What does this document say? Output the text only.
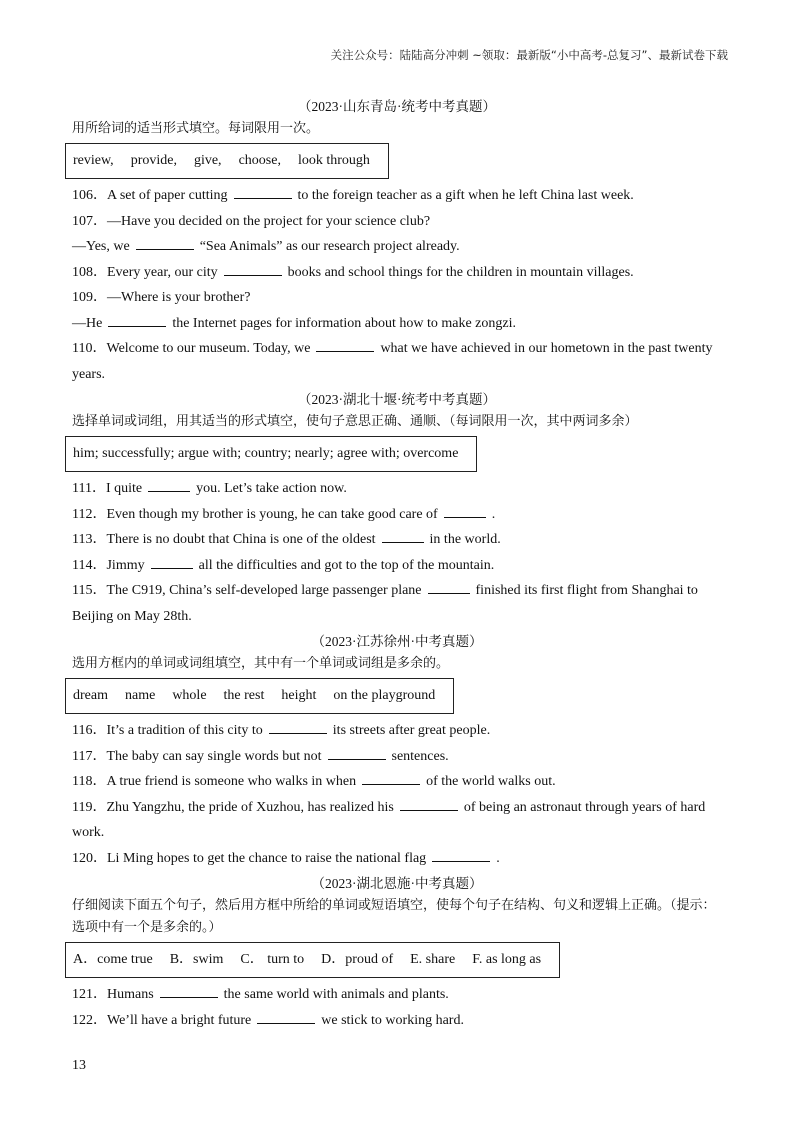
关注公众号：陆陆高分冲刺 ~领取：最新版“小中高考-总复习”、最新试卷下载
（2023·山东青岛·统考中考真题）
用所给词的适当形式填空。每词限用一次。
review, provide, give, choose, look through
106．A set of paper cutting	to the foreign teacher as a gift when he left China last week.
107．—Have you decided on the project for your science club?
—Yes, we	“Sea Animals” as our research project already.
108．Every year, our city	books and school things for the children in mountain villages.
109．—Where is your brother?
—He	the Internet pages for information about how to make zongzi.
110．Welcome to our museum. Today, we	what we have achieved in our hometown in the past twenty years.
（2023·湖北十堰·统考中考真题）
选择单词或词组，用其适当的形式填空，使句子意思正确、通顺、（每词限用一次，其中两词多余）
him; successfully; argue with; country; nearly; agree with; overcome
111．I quite	you. Let’s take action now.
112．Even though my brother is young, he can take good care of	.
113．There is no doubt that China is one of the oldest	in the world.
114．Jimmy	all the difficulties and got to the top of the mountain.
115．The C919, China’s self-developed large passenger plane	finished its first flight from Shanghai to Beijing on May 28th.
（2023·江苏徐州·中考真题）
选用方框内的单词或词组填空，其中有一个单词或词组是多余的。
dream name whole the rest height on the playground
116．It’s a tradition of this city to	its streets after great people.
117．The baby can say single words but not	sentences.
118．A true friend is someone who walks in when	of the world walks out.
119．Zhu Yangzhu, the pride of Xuzhou, has realized his	of being an astronaut through years of hard work.
120．Li Ming hopes to get the chance to raise the national flag	.
（2023·湖北恩施·中考真题）
仔细阅读下面五个句子，然后用方框中所给的单词或短语填空，使每个句子在结构、句义和逻辑上正确。（提示：选项中有一个是多余的。）
A．come true B．swim C． turn to D．proud of E. share F. as long as
121．Humans	the same world with animals and plants.
122．We’ll have a bright future	we stick to working hard.
13
